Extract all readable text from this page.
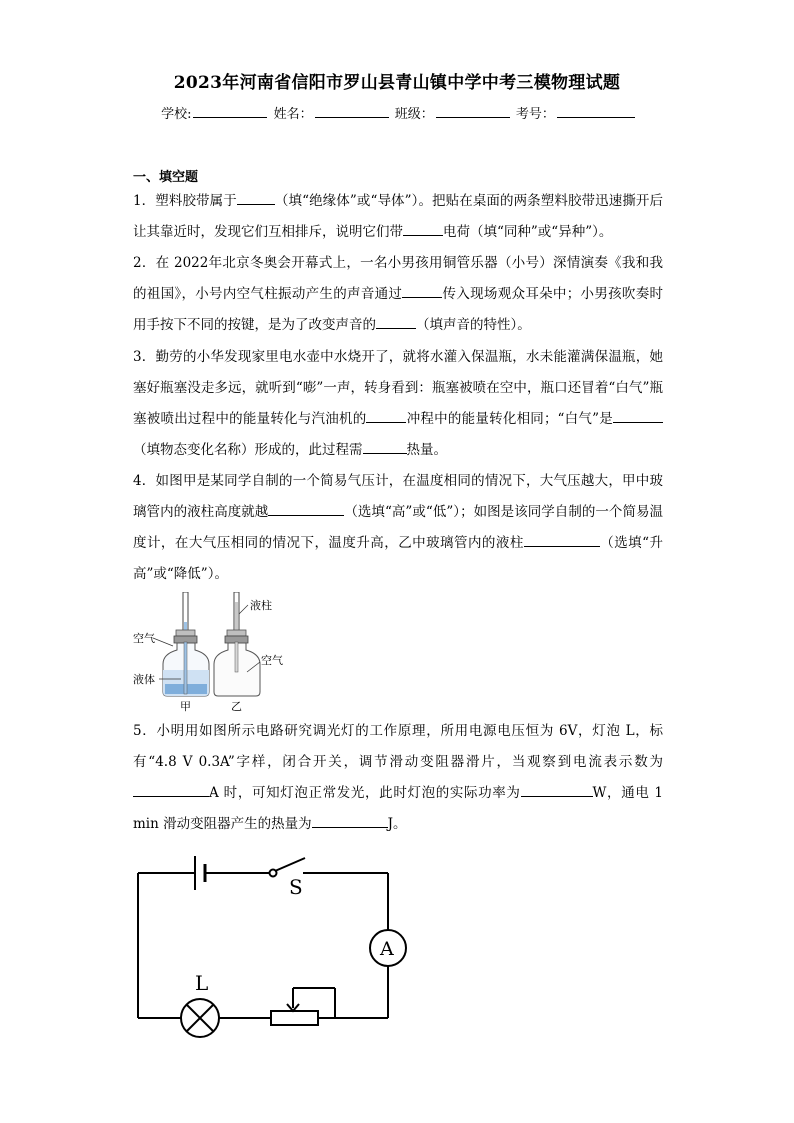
2023年河南省信阳市罗山县青山镇中学中考三模物理试题
学校:	姓名：	班级：	考号：
一、填空题

1．塑料胶带属于	（填“绝缘体”或“导体”）。把贴在桌面的两条塑料胶带迅速撕开后让其靠近时，发现它们互相排斥，说明它们带	电荷（填“同种”或“异种”）。

2．在 2022年北京冬奥会开幕式上，一名小男孩用铜管乐器（小号）深情演奏《我和我的祖国》，小号内空气柱振动产生的声音通过	传入现场观众耳朵中；小男孩吹奏时用手按下不同的按键，是为了改变声音的	（填声音的特性）。

3．勤劳的小华发现家里电水壶中水烧开了，就将水灌入保温瓶，水未能灌满保温瓶，她塞好瓶塞没走多远，就听到“嘭”一声，转身看到：瓶塞被喷在空中，瓶口还冒着“白气”瓶塞被喷出过程中的能量转化与汽油机的	冲程中的能量转化相同；“白气”是（填物态变化名称）形成的，此过程需	热量。

4．如图甲是某同学自制的一个简易气压计，在温度相同的情况下，大气压越大，甲中玻璃管内的液柱高度就越	（选填“高”或“低”）；如图是该同学自制的一个简易温度计，在大气压相同的情况下，温度升高，乙中玻璃管内的液柱	（选填“升高”或“降低”）。

空气
液体
液柱
空气
甲	乙

5．小明用如图所示电路研究调光灯的工作原理，所用电源电压恒为 6V，灯泡 L，标有“4.8 V 0.3A”字样，闭合开关，调节滑动变阻器滑片，当观察到电流表示数为A 时，可知灯泡正常发光，此时灯泡的实际功率为	W，通电 1 min 滑动变阻器产生的热量为	J。

S
A
L
